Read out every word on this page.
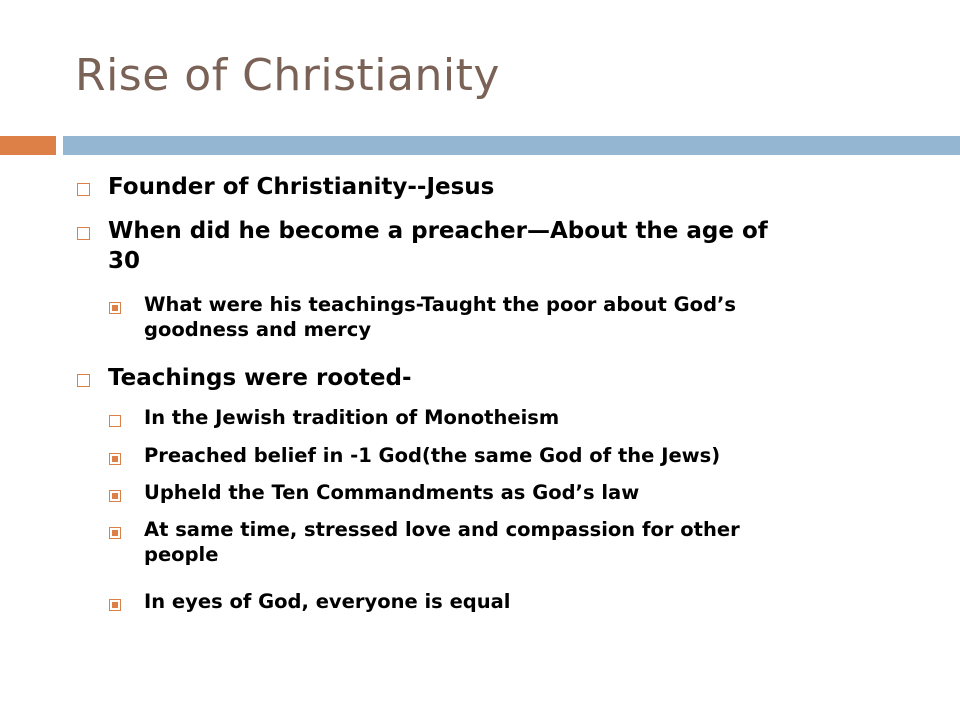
Rise of Christianity
Founder of Christianity--Jesus
When did he become a preacher—About the age of
30
What were his teachings-Taught the poor about God’s
goodness and mercy
Teachings were rooted-
In the Jewish tradition of Monotheism
Preached belief in -1 God(the same God of the Jews)
Upheld the Ten Commandments as God’s law
At same time, stressed love and compassion for other
people
In eyes of God, everyone is equal
